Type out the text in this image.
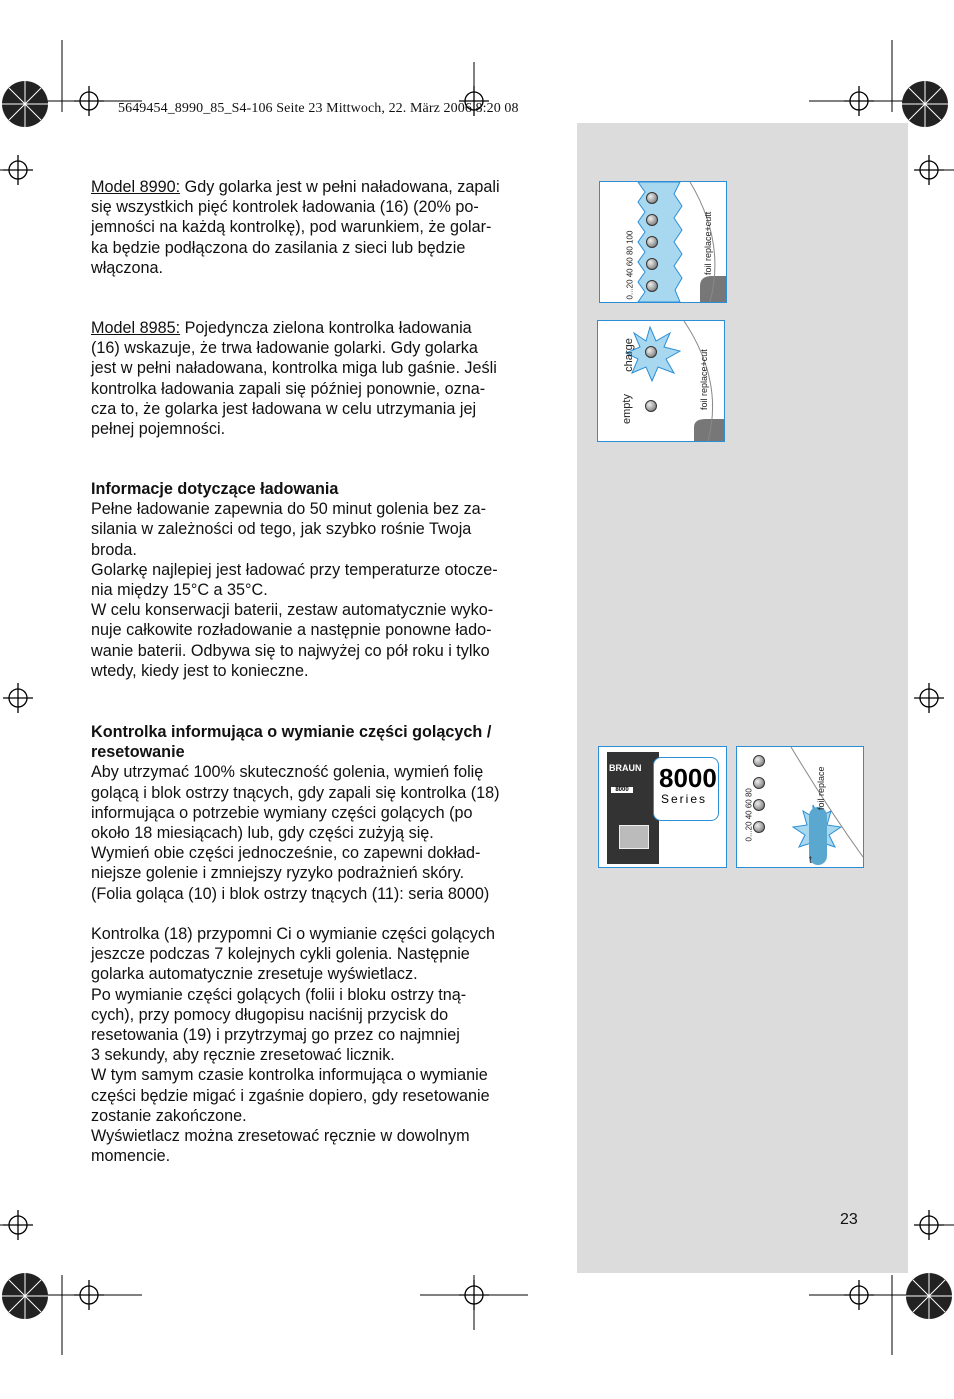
5649454_8990_85_S4-106 Seite 23 Mittwoch, 22. März 2006 8:20 08

Model 8990: Gdy golarka jest w pełni naładowana, zapali

się wszystkich pięć kontrolek ładowania (16) (20% po-

jemności na każdą kontrolkę), pod warunkiem, że golar-

ka będzie podłączona do zasilania z sieci lub będzie

włączona.

Model 8985: Pojedyncza zielona kontrolka ładowania

(16) wskazuje, że trwa ładowanie golarki. Gdy golarka

jest w pełni naładowana, kontrolka miga lub gaśnie. Jeśli

kontrolka ładowania zapali się później ponownie, ozna-

cza to, że golarka jest ładowana w celu utrzymania jej

pełnej pojemności.

Informacje dotyczące ładowania

Pełne ładowanie zapewnia do 50 minut golenia bez za-

silania w zależności od tego, jak szybko rośnie Twoja

broda.

Golarkę najlepiej jest ładować przy temperaturze otocze-

nia między 15°C a 35°C.

W celu konserwacji baterii, zestaw automatycznie wyko-

nuje całkowite rozładowanie a następnie ponowne łado-

wanie baterii. Odbywa się to najwyżej co pół roku i tylko

wtedy, kiedy jest to konieczne.

Kontrolka informująca o wymianie części golących /

resetowanie

Aby utrzymać 100% skuteczność golenia, wymień folię

golącą i blok ostrzy tnących, gdy zapali się kontrolka (18)

informująca o potrzebie wymiany części golących (po

około 18 miesiącach) lub, gdy części zużyją się.

Wymień obie części jednocześnie, co zapewni dokład-

niejsze golenie i zmniejszy ryzyko podrażnień skóry.

(Folia goląca (10) i blok ostrzy tnących (11): seria 8000)

Kontrolka (18) przypomni Ci o wymianie części golących

jeszcze podczas 7 kolejnych cykli golenia. Następnie

golarka automatycznie zresetuje wyświetlacz.

Po wymianie części golących (folii i bloku ostrzy tną-

cych), przy pomocy długopisu naciśnij przycisk do

resetowania (19) i przytrzymaj go przez co najmniej

3 sekundy, aby ręcznie zresetować licznik.

W tym samym czasie kontrolka informująca o wymianie

części będzie migać i zgaśnie dopiero, gdy resetowanie

zostanie zakończone.

Wyświetlacz można zresetować ręcznie w dowolnym

momencie.

0...20 40 60 80 100	foil replace+cutt
empty
charge	foil replace+cut
BRAUN
8000 8000
Series	0...20 40 60 80	foil replace
t
23
